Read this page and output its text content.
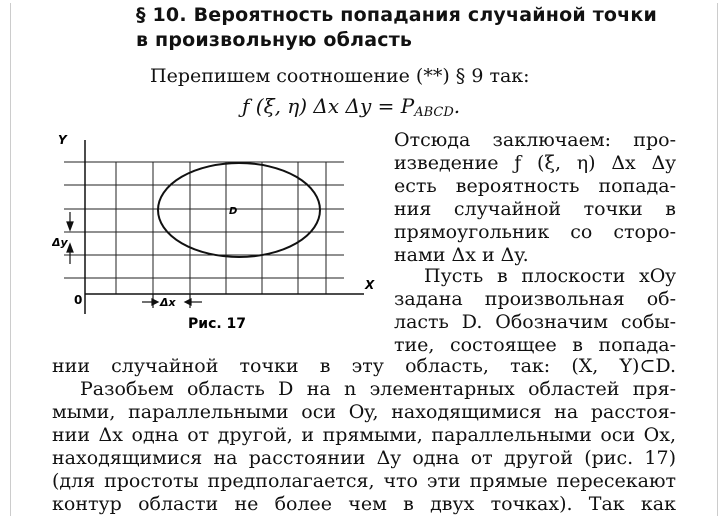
§ 10. Вероятность попадания случайной точки
в произвольную область
Перепишем соотношение (**) § 9 так:
ƒ (ξ, η) Δx $\Delta y = P_{ABCD}$.
Отсюда заключаем: про-
изведение ƒ (ξ, η) Δx Δy
есть вероятность попада-
ния случайной точки в
прямоугольник со сторо-
нами Δx и Δy.
Пусть в плоскости xOy
задана произвольная об-
ласть D. Обозначим собы-
тие, состоящее в попада-
нии случайной точки в эту область, так: (X, Y)⊂D.
Разобьем область D на n элементарных областей пря-
мыми, параллельными оси Oy, находящимися на расстоя-
нии Δx одна от другой, и прямыми, параллельными оси Ox,
находящимися на расстоянии Δy одна от другой (рис. 17)
(для простоты предполагается, что эти прямые пересекают
контур области не более чем в двух точках). Так как
Y
X
0
D
Δy
Δx
Рис. 17
